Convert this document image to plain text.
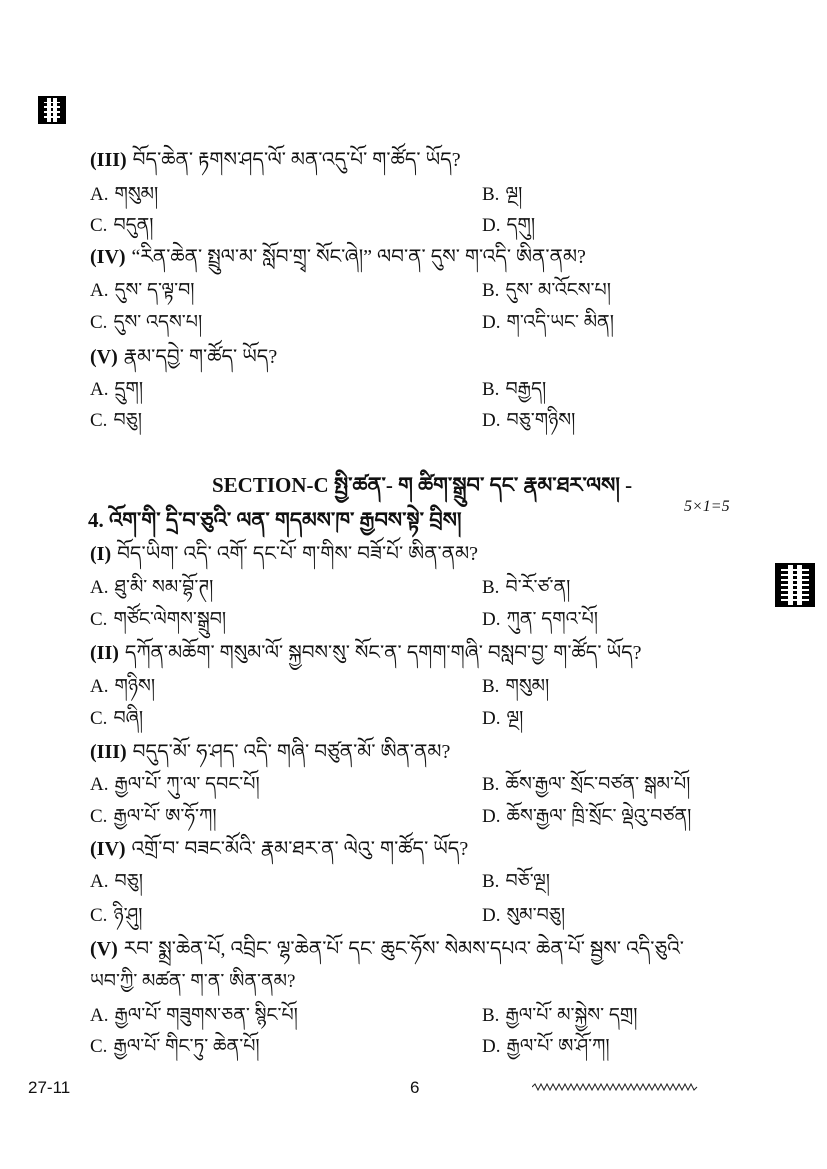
(III) བོད་ཆེན་ རྟགས་ཤད་ལོ་ མན་འདུ་པོ་ ག་ཚོད་ ཡོད?
A. གསུམ།	B. ལྔ།
C. བདུན།	D. དགུ།
(IV) “རིན་ཆེན་ སྤྲུལ་མ་ སློབ་གྲྭ་ སོང་ཞེ།” ལབ་ན་ དུས་ ག་འདི་ ཨིན་ནམ?
A. དུས་ ད་ལྟ་བ།	B. དུས་ མ་འོངས་པ།
C. དུས་ འདས་པ།	D. ག་འདི་ཡང་ མིན།
(V) རྣམ་དབྱེ་ ག་ཚོད་ ཡོད?
A. དྲུག།	B. བརྒྱད།
C. བཅུ།	D. བཅུ་གཉིས།
SECTION-C སྤྱི་ཚན་- ག ཚིག་སྒྲུབ་ དང་ རྣམ་ཐར་ལས། -
4. འོག་གི་ དྲི་བ་ཅུའི་ ལན་ གདམས་ཁ་ རྒྱབས་སྟེ་ བྲིས།
5×1=5
(I) བོད་ཡིག་ འདི་ འགོ་ དང་པོ་ ག་གིས་ བཟོ་པོ་ ཨིན་ནམ?
A. ཐུ་མི་ སམ་བྷོ་ཊ།	B. བེ་རོ་ཙ་ན།
C. གཙོང་ལེགས་སྒྲུབ།	D. ཀུན་ དགའ་པོ།
(II) དཀོན་མཆོག་ གསུམ་ལོ་ སྐྱབས་སུ་ སོང་ན་ དགག་གཞི་ བསླབ་བྱ་ ག་ཚོད་ ཡོད?
A. གཉིས།	B. གསུམ།
C. བཞི།	D. ལྔ།
(III) བདུད་མོ་ ཧ་ཤད་ འདི་ གཞི་ བཙུན་མོ་ ཨིན་ནམ?
A. རྒྱལ་པོ་ ཀུ་ལ་ དབང་པོ།	B. ཆོས་རྒྱལ་ སྲོང་བཙན་ སྒམ་པོ།
C. རྒྱལ་པོ་ ཨ་ཧོ་ཀ།	D. ཆོས་རྒྱལ་ ཁྲི་སྲོང་ ལྡེའུ་བཙན།
(IV) འགྲོ་བ་ བཟང་མོའི་ རྣམ་ཐར་ན་ ལེའུ་ ག་ཚོད་ ཡོད?
A. བཅུ།	B. བཅོ་ལྔ།
C. ཉི་ཤུ།	D. སུམ་བཅུ།
(V) རབ་ སྨྲ་ཆེན་པོ, འབྲིང་ ལྷ་ཆེན་པོ་ དང་ ཆུང་ཧོས་ སེམས་དཔའ་ ཆེན་པོ་ སྦྱས་ འདི་ཅུའི་
ཡབ་ཀྱི་ མཚན་ ག་ན་ ཨིན་ནམ?
A. རྒྱལ་པོ་ གཟུགས་ཅན་ སྙིང་པོ།	B. རྒྱལ་པོ་ མ་སྐྱེས་ དགྲ།
C. རྒྱལ་པོ་ གིང་ཏུ་ ཆེན་པོ།	D. རྒྱལ་པོ་ ཨ་ཤོ་ཀ།
27-11	6
